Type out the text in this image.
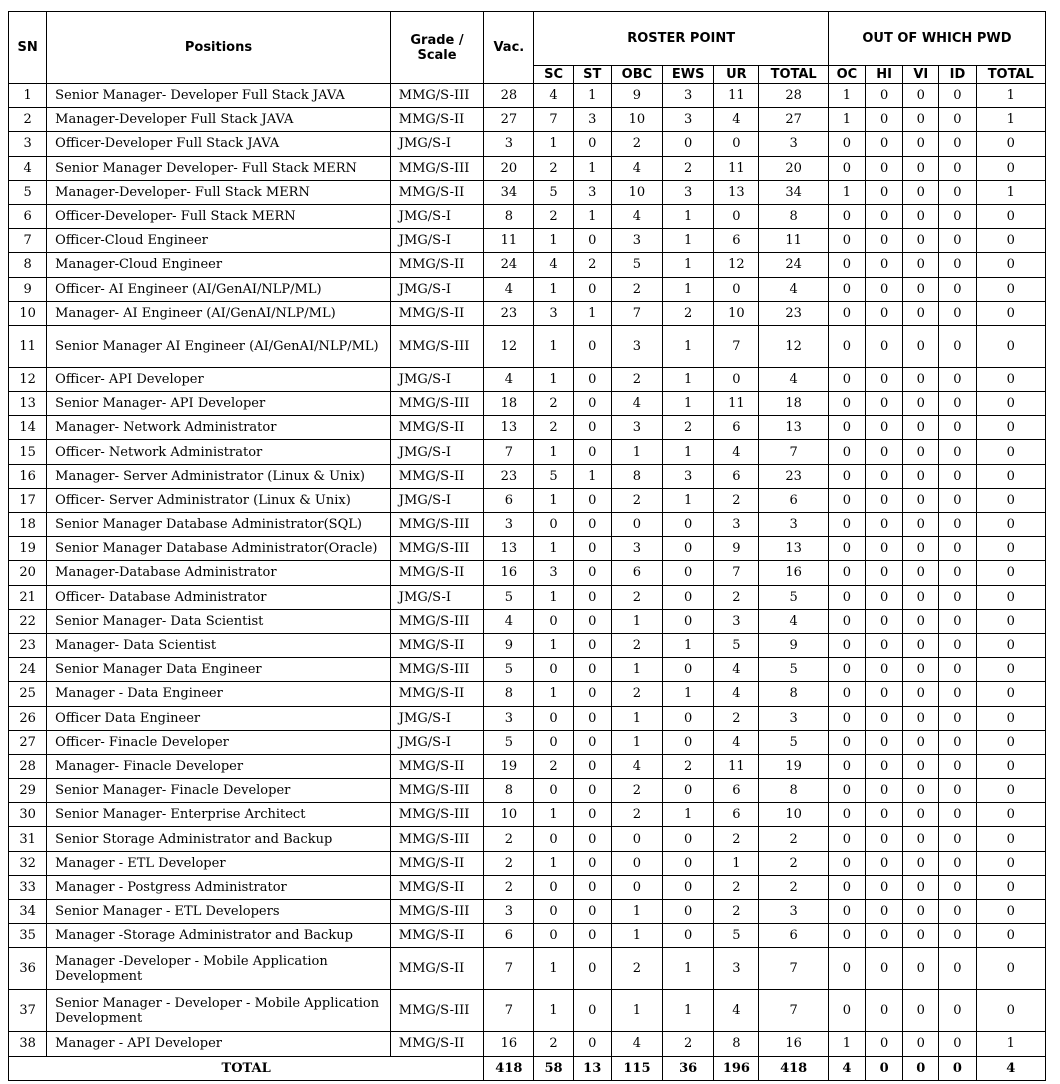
SN	Positions	Grade / Scale	Vac.	ROSTER POINT						OUT OF WHICH PWD				
				SC	ST	OBC	EWS	UR	TOTAL	OC	HI	VI	ID	TOTAL
1	Senior Manager- Developer Full Stack JAVA	MMG/S-III	28	4	1	9	3	11	28	1	0	0	0	1
2	Manager-Developer Full Stack JAVA	MMG/S-II	27	7	3	10	3	4	27	1	0	0	0	1
3	Officer-Developer Full Stack JAVA	JMG/S-I	3	1	0	2	0	0	3	0	0	0	0	0
4	Senior Manager Developer- Full Stack MERN	MMG/S-III	20	2	1	4	2	11	20	0	0	0	0	0
5	Manager-Developer- Full Stack MERN	MMG/S-II	34	5	3	10	3	13	34	1	0	0	0	1
6	Officer-Developer- Full Stack MERN	JMG/S-I	8	2	1	4	1	0	8	0	0	0	0	0
7	Officer-Cloud Engineer	JMG/S-I	11	1	0	3	1	6	11	0	0	0	0	0
8	Manager-Cloud Engineer	MMG/S-II	24	4	2	5	1	12	24	0	0	0	0	0
9	Officer- AI Engineer (AI/GenAI/NLP/ML)	JMG/S-I	4	1	0	2	1	0	4	0	0	0	0	0
10	Manager- AI Engineer (AI/GenAI/NLP/ML)	MMG/S-II	23	3	1	7	2	10	23	0	0	0	0	0
11	Senior Manager AI Engineer (AI/GenAI/NLP/ML)	MMG/S-III	12	1	0	3	1	7	12	0	0	0	0	0
12	Officer- API Developer	JMG/S-I	4	1	0	2	1	0	4	0	0	0	0	0
13	Senior Manager- API Developer	MMG/S-III	18	2	0	4	1	11	18	0	0	0	0	0
14	Manager- Network Administrator	MMG/S-II	13	2	0	3	2	6	13	0	0	0	0	0
15	Officer- Network Administrator	JMG/S-I	7	1	0	1	1	4	7	0	0	0	0	0
16	Manager- Server Administrator (Linux & Unix)	MMG/S-II	23	5	1	8	3	6	23	0	0	0	0	0
17	Officer- Server Administrator (Linux & Unix)	JMG/S-I	6	1	0	2	1	2	6	0	0	0	0	0
18	Senior Manager Database Administrator(SQL)	MMG/S-III	3	0	0	0	0	3	3	0	0	0	0	0
19	Senior Manager Database Administrator(Oracle)	MMG/S-III	13	1	0	3	0	9	13	0	0	0	0	0
20	Manager-Database Administrator	MMG/S-II	16	3	0	6	0	7	16	0	0	0	0	0
21	Officer- Database Administrator	JMG/S-I	5	1	0	2	0	2	5	0	0	0	0	0
22	Senior Manager- Data Scientist	MMG/S-III	4	0	0	1	0	3	4	0	0	0	0	0
23	Manager- Data Scientist	MMG/S-II	9	1	0	2	1	5	9	0	0	0	0	0
24	Senior Manager Data Engineer	MMG/S-III	5	0	0	1	0	4	5	0	0	0	0	0
25	Manager - Data Engineer	MMG/S-II	8	1	0	2	1	4	8	0	0	0	0	0
26	Officer Data Engineer	JMG/S-I	3	0	0	1	0	2	3	0	0	0	0	0
27	Officer- Finacle Developer	JMG/S-I	5	0	0	1	0	4	5	0	0	0	0	0
28	Manager- Finacle Developer	MMG/S-II	19	2	0	4	2	11	19	0	0	0	0	0
29	Senior Manager- Finacle Developer	MMG/S-III	8	0	0	2	0	6	8	0	0	0	0	0
30	Senior Manager- Enterprise Architect	MMG/S-III	10	1	0	2	1	6	10	0	0	0	0	0
31	Senior Storage Administrator and Backup	MMG/S-III	2	0	0	0	0	2	2	0	0	0	0	0
32	Manager - ETL Developer	MMG/S-II	2	1	0	0	0	1	2	0	0	0	0	0
33	Manager - Postgress Administrator	MMG/S-II	2	0	0	0	0	2	2	0	0	0	0	0
34	Senior Manager - ETL Developers	MMG/S-III	3	0	0	1	0	2	3	0	0	0	0	0
35	Manager -Storage Administrator and Backup	MMG/S-II	6	0	0	1	0	5	6	0	0	0	0	0
36	Manager -Developer - Mobile Application Development	MMG/S-II	7	1	0	2	1	3	7	0	0	0	0	0
37	Senior Manager - Developer - Mobile Application Development	MMG/S-III	7	1	0	1	1	4	7	0	0	0	0	0
38	Manager - API Developer	MMG/S-II	16	2	0	4	2	8	16	1	0	0	0	1
TOTAL			418	58	13	115	36	196	418	4	0	0	0	4
